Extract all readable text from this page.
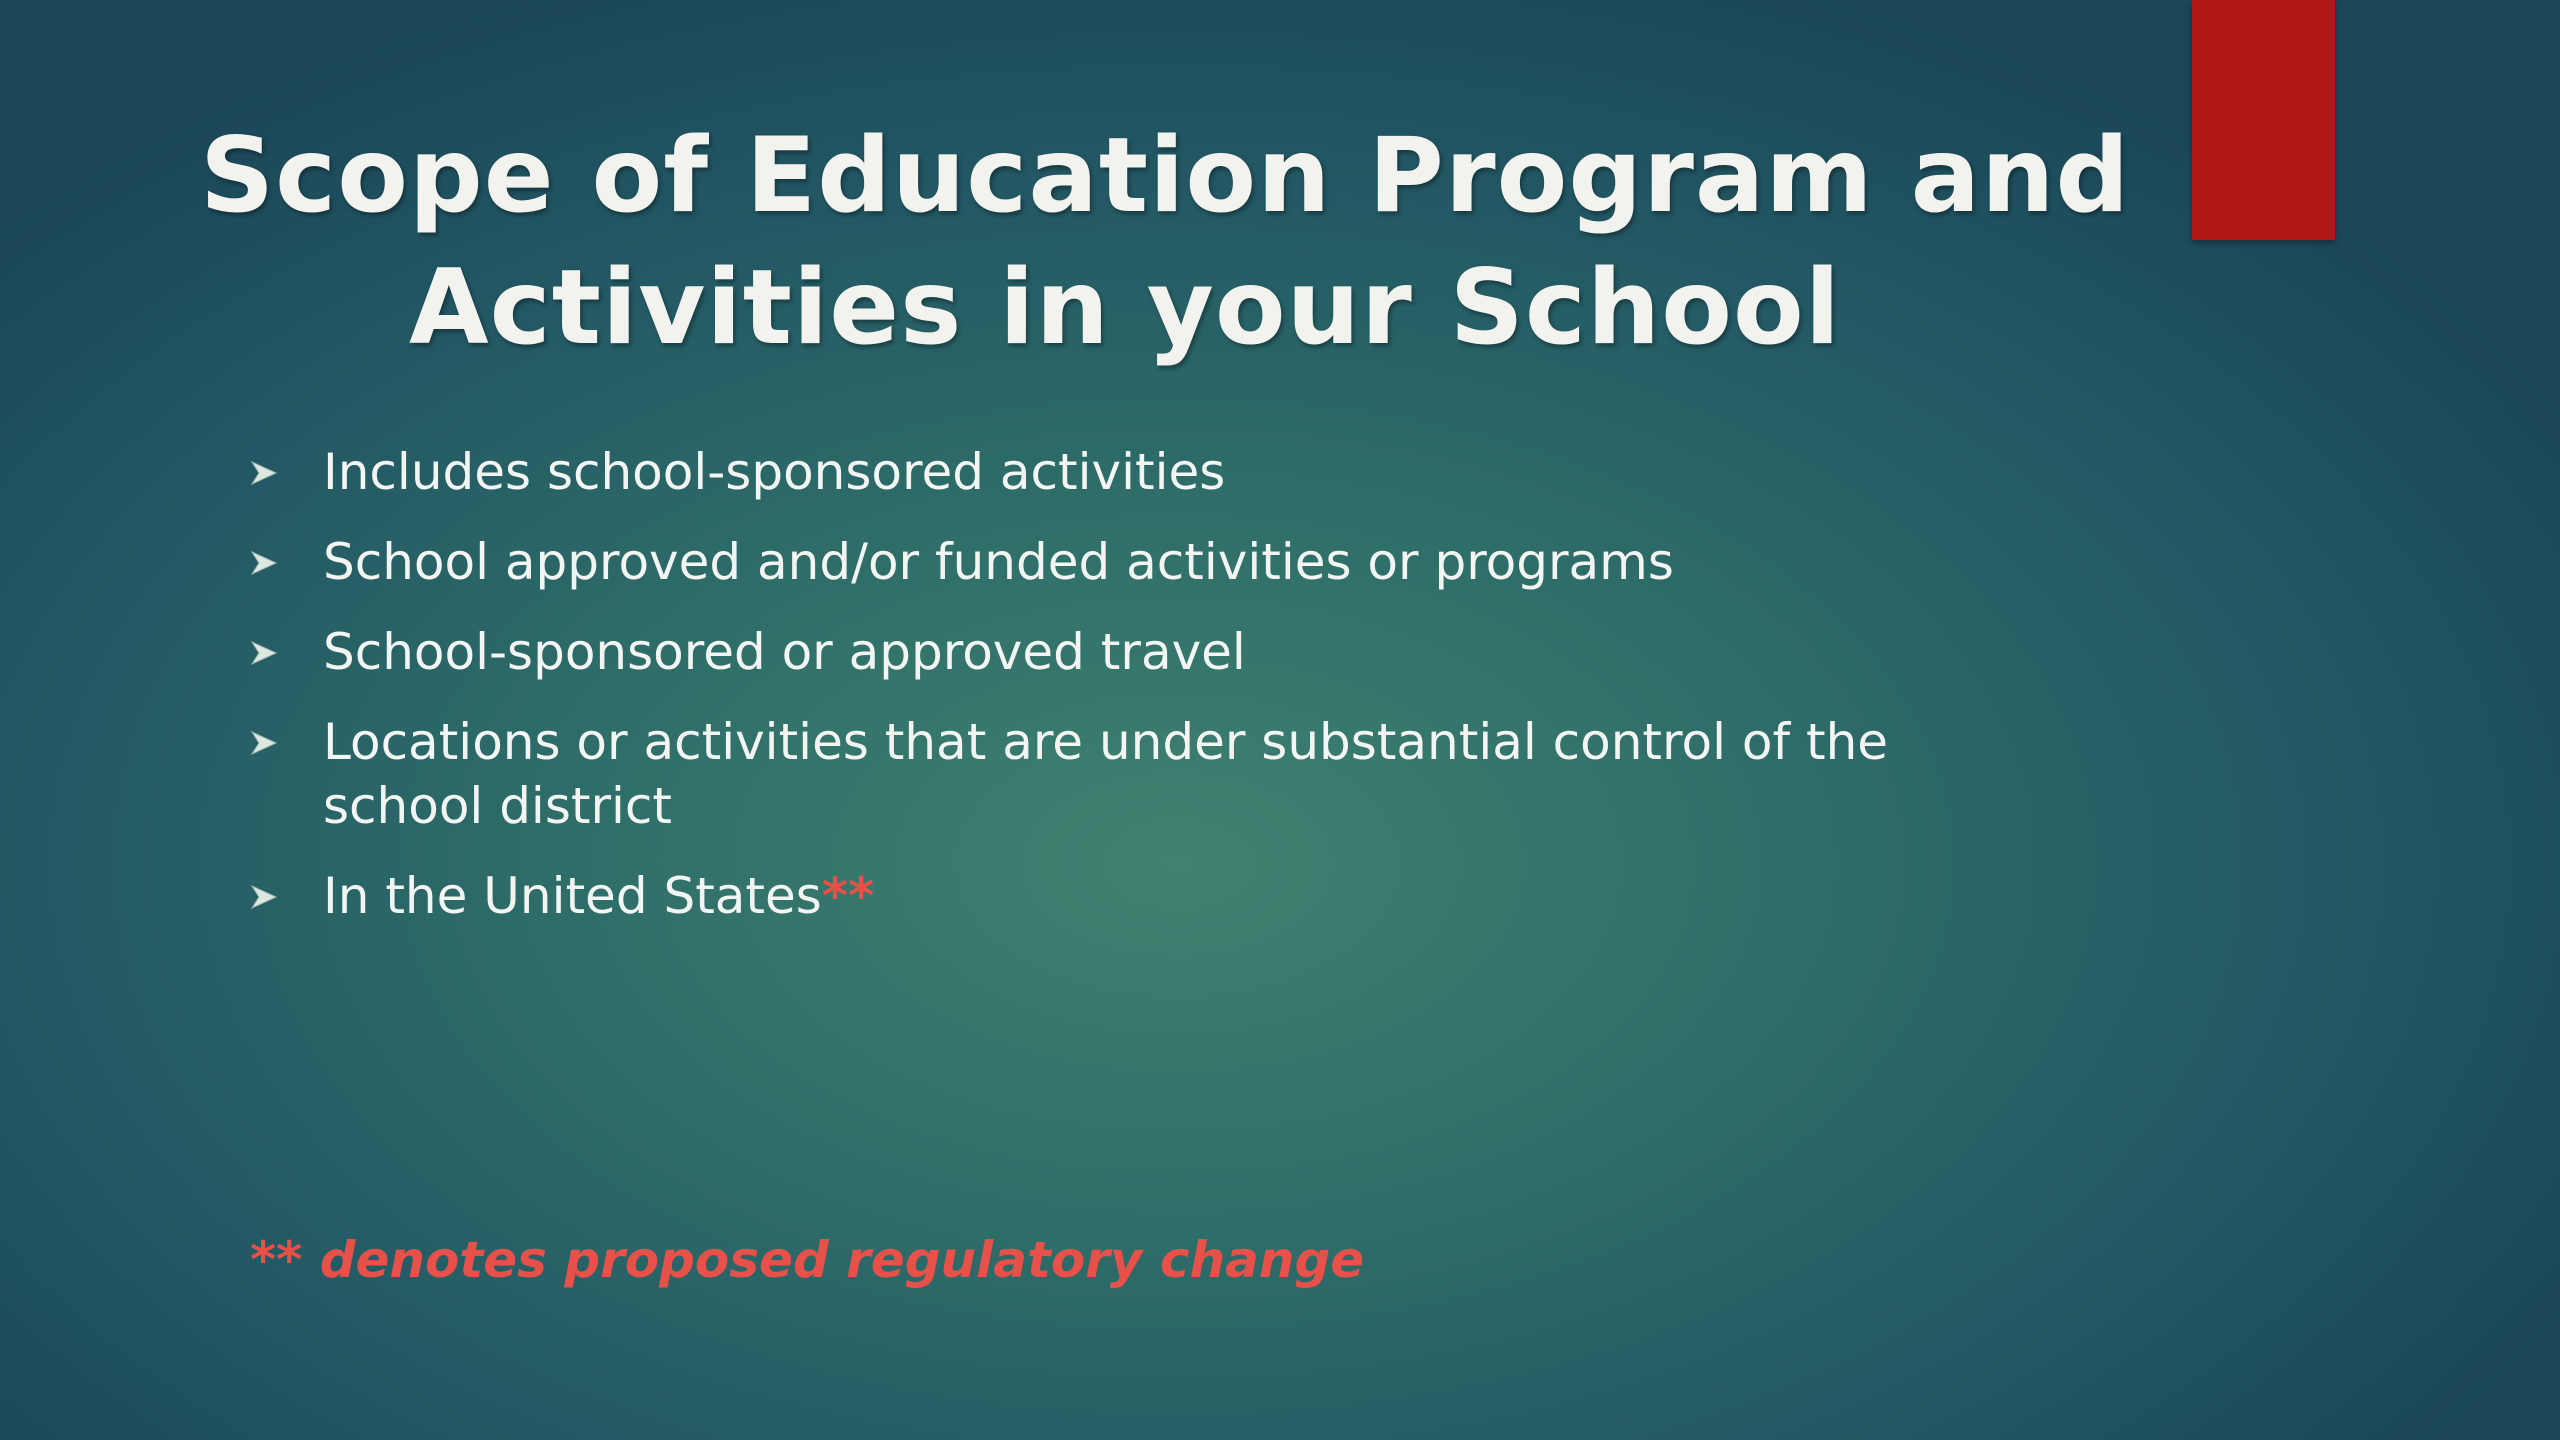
Scope of Education Program and
Activities in your School
Includes school-sponsored activities
School approved and/or funded activities or programs
School-sponsored or approved travel
Locations or activities that are under substantial control of the school district
In the United States**
** denotes proposed regulatory change
